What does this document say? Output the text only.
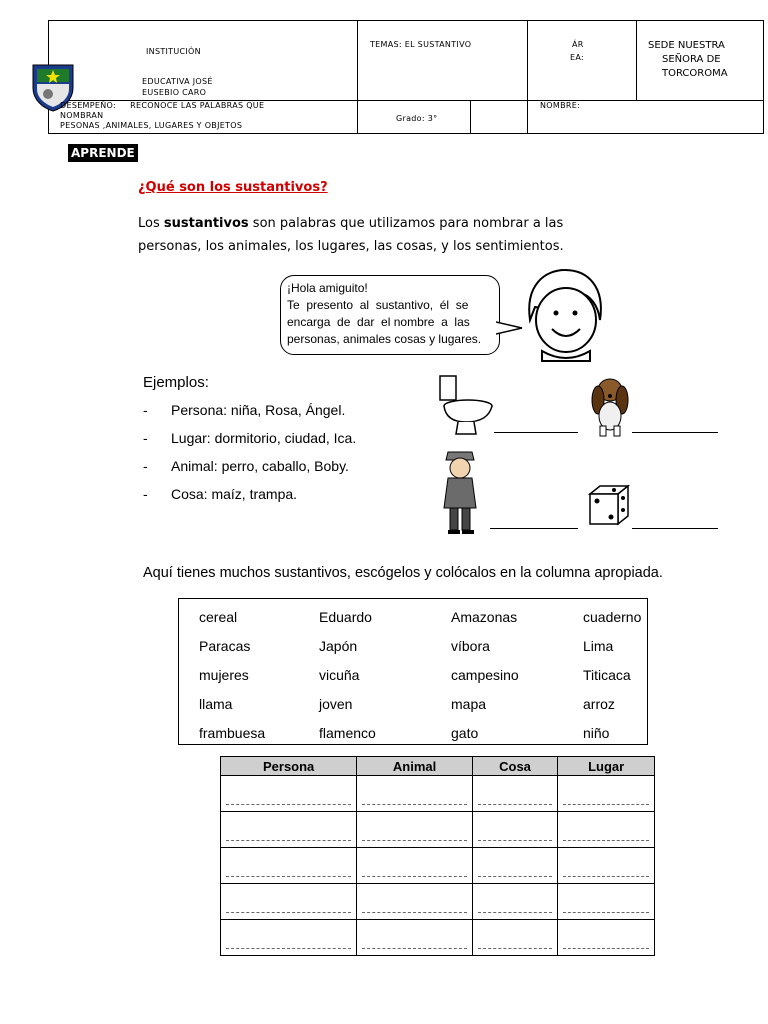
INSTITUCIÓN
EDUCATIVA JOSÉ
EUSEBIO CARO
TEMAS: EL SUSTANTIVO	ÁR
EA:
SEDE NUESTRA
SEÑORA DE
TORCOROMA
DESEMPEÑO:     RECONOCE LAS PALABRAS QUE
NOMBRAN
PESONAS ,ANIMALES, LUGARES Y OBJETOS
Grado: 3°
NOMBRE:
APRENDE
¿Qué son los sustantivos?
Los sustantivos son palabras que utilizamos para nombrar a las personas, los animales, los lugares, las cosas, y los sentimientos.
¡Hola amiguito!
Te  presento  al  sustantivo,  él  se
encarga  de  dar  el nombre  a  las
personas, animales cosas y lugares.
Ejemplos:
- Persona: niña, Rosa, Ángel.
- Lugar: dormitorio, ciudad, Ica.
- Animal: perro, caballo, Boby.
- Cosa: maíz, trampa.
Aquí tienes muchos sustantivos, escógelos y colócalos en la columna apropiada.
cereal	Eduardo	Amazonas	cuaderno
Paracas	Japón	víbora	Lima
mujeres	vicuña	campesino	Titicaca
llama	joven	mapa	arroz
frambuesa	flamenco	gato	niño
Persona	Animal	Cosa	Lugar
